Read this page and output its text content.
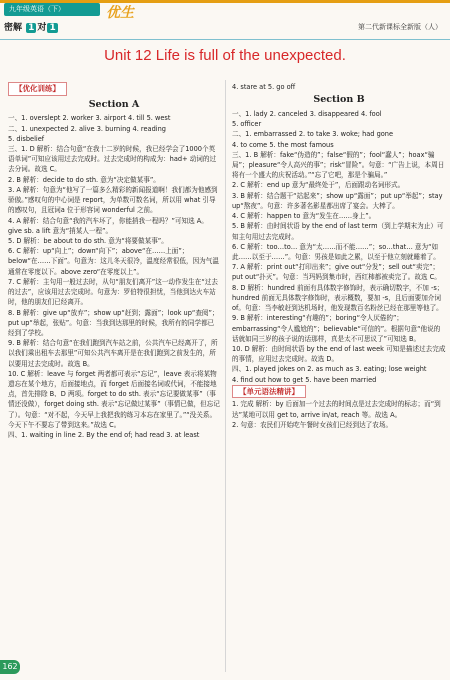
九年级英语（下）	优生
密解 1 对 1	第二代新课标全新版（人）
Unit 12 Life is full of the unexpected.
【优化训练】
Section A
一、1. overslept 2. worker 3. airport 4. till 5. west
二、1. unexpected 2. alive 3. burning 4. reading
5. disbelief
三、1. D 解析：结合句意“在我十二岁的时候，我已经学会了1000个英语单词”可知应该用过去完成时。过去完成时的构成为：had+ 动词的过去分词。故选 C。
2. B 解析：decide to do sth. 意为“决定做某事”。
3. A 解析：句意为“他写了一篇多么精彩的新闻报道啊！我们都为他感到骄傲。”感叹句的中心词是 report，为单数可数名词，所以用 what 引导的感叹句，且冠词a 位于形容词 wonderful 之前。
4. A 解析：结合句意“我的汽车坏了，你能捎我一程吗？”可知选 A。give sb. a lift 意为“捎某人一程”。
5. D 解析：be about to do sth. 意为“将要做某事”。
6. C 解析：up“向上”；down“向下”；above“在……上面”；below“在……下面”。句意为：这儿冬天很冷，温度经常很低，因为气温通常在零度以下。above zero“在零度以上”。
7. C 解析：主句用一般过去时，从句“朋友们离开”这一动作发生在“过去的过去”，应该用过去完成时。句意为：罗伯特很担忧，当他到达火车站时，他的朋友们已经离开。
8. B 解析：give up“放弃”；show up“赶到；露面”；look up“查阅”；put up“举起，张贴”。句意：当我到达那里的时候，我所有的同学都已经到了学校。
9. B 解析：结合句意“在我们跑到汽车站之前，公共汽车已经离开了，所以我们乘出租车去那里”可知公共汽车离开是在我们跑到之前发生的，所以要用过去完成时。故选 B。
10. C 解析：leave 与 forget 两者都可表示“忘记”，leave 表示将某物遗忘在某个地方，后面接地点，而 forget 后面接名词或代词，不能接地点，首先排除 B、D 两项。forget to do sth. 表示“忘记要做某事”（事情还没做），forget doing sth. 表示“忘记做过某事”（事情已做，但忘记了）。句意：“对不起，今天早上我把我的练习本忘在家里了。”“没关系。今天下午不要忘了带到这来。”故选 C。
四、1. waiting in line 2. By the end of; had read 3. at least
4. stare at 5. go off
Section B
一、1. lady 2. canceled 3. disappeared 4. fool
5. officer
二、1. embarrassed 2. to take 3. woke; had gone
4. to come 5. the most famous
三、1. B 解析：fake“伪造的”；false“假的”；fool“蠢人”；hoax“骗局”；pleasure“令人高兴的事”；risk“冒险”。句意：“广告上说，本周日将有一个盛大的庆祝活动。”“忘了它吧，那是个骗局。”
2. C 解析：end up 意为“最终处于”，后面跟动名词形式。
3. B 解析：结合题干“站起来”；show up“露面”；put up“举起”；stay up“熬夜”。句意：许多著名影星都出席了宴会。大棒了。
4. C 解析：happen to 意为“发生在……身上”。
5. B 解析：由时间状语 by the end of last term（到上学期末为止）可知主句用过去完成时。
6. C 解析：too…to… 意为“太……而不能……”；so…that… 意为“如此……以至于……”。句意：男孩是如此之累，以至于他立刻就睡着了。
7. A 解析：print out“打印出来”；give out“分发”；sell out“卖完”；put out“扑灭”。句意：当玛妈到集市时，西红柿都被卖完了。故选 C。
8. D 解析：hundred 前面有具体数字修饰时，表示确切数字，不加 -s；hundred 前面无具体数字修饰时，表示概数，要加 -s，且后面要加介词 of。句意：当李敏赶到达机场时，他发现数百名粉丝已经在那里等他了。
9. B 解析：interesting“有趣的”；boring“令人厌倦的”；embarrassing“令人尴尬的”；believable“可信的”。根据句意“他说的话就如同三岁的孩子说的话那样，真是太不可思议了”可知选 B。
10. D 解析：由时间状语 by the end of last week 可知是描述过去完成的事情，应用过去完成时。故选 D。
四、1. played jokes on 2. as much as 3. eating; lose weight
4. find out how to get 5. have been married
【单元语法精讲】
1. 完成 解析：by 后面加一个过去的时间点是过去完成时的标志；而“到达”某地可以用 get to, arrive in/at, reach 等。故选 A。
2. 句意：农民们开始吃午餐时女孩们已经到达了农场。
162
